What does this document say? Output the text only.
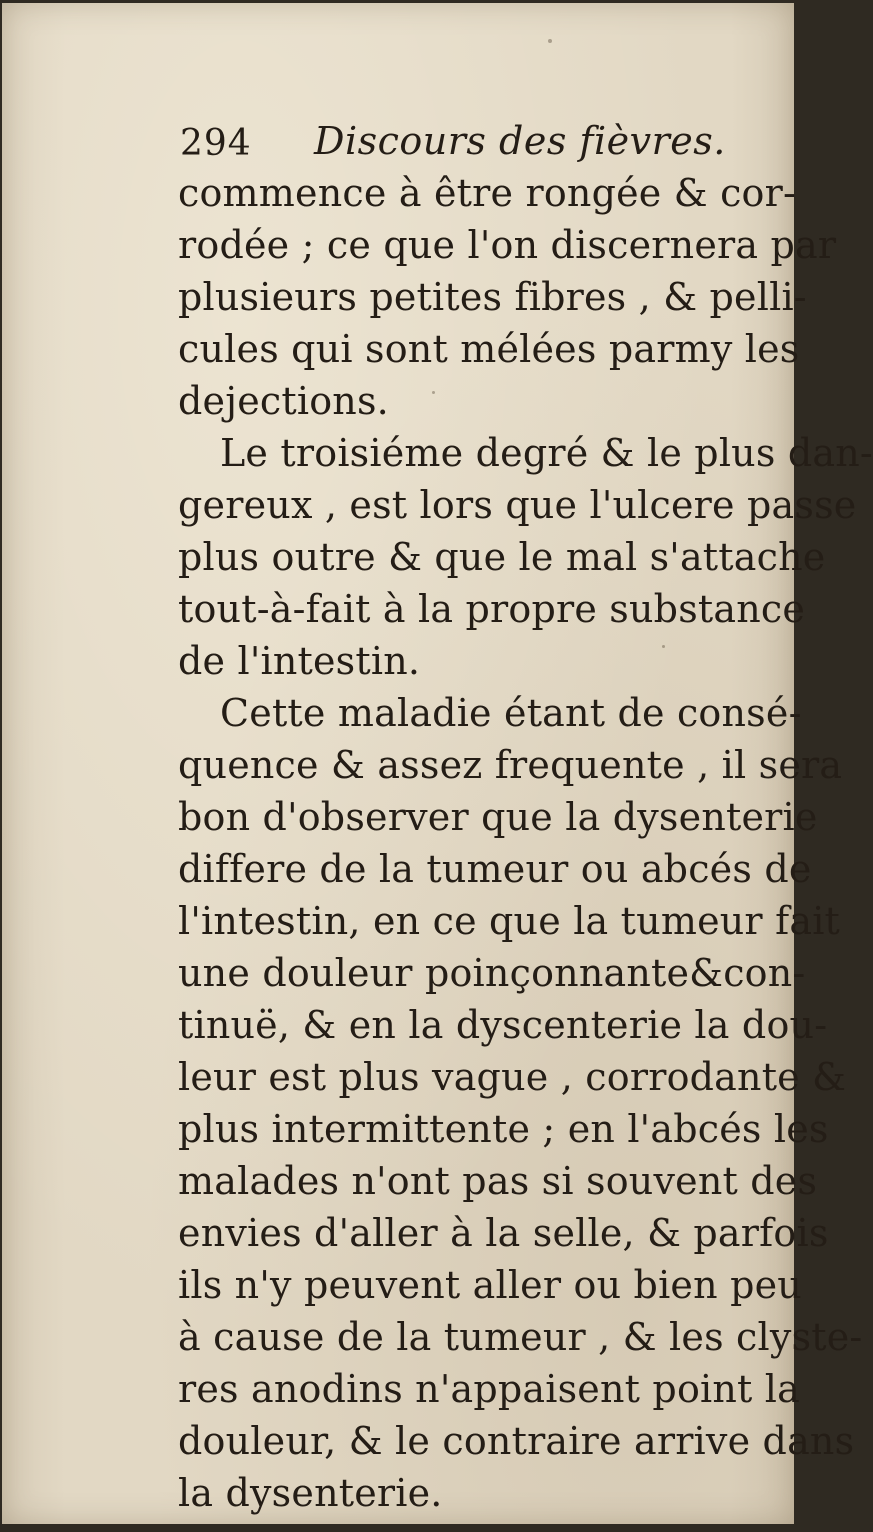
294 Discours des fièvres.
commence à être rongée & cor-
rodée ; ce que l'on discernera par
plusieurs petites fibres , & pelli-
cules qui sont mélées parmy les
dejections.
Le troisiéme degré & le plus dan-
gereux , est lors que l'ulcere passe
plus outre & que le mal s'attache
tout-à-fait à la propre substance
de l'intestin.
Cette maladie étant de consé-
quence & assez frequente , il sera
bon d'observer que la dysenterie
differe de la tumeur ou abcés de
l'intestin, en ce que la tumeur fait
une douleur poinçonnante&con-
tinuë, & en la dyscenterie la dou-
leur est plus vague , corrodante &
plus intermittente ; en l'abcés les
malades n'ont pas si souvent des
envies d'aller à la selle, & parfois
ils n'y peuvent aller ou bien peu
à cause de la tumeur , & les clyste-
res anodins n'appaisent point la
douleur, & le contraire arrive dans
la dysenterie.
